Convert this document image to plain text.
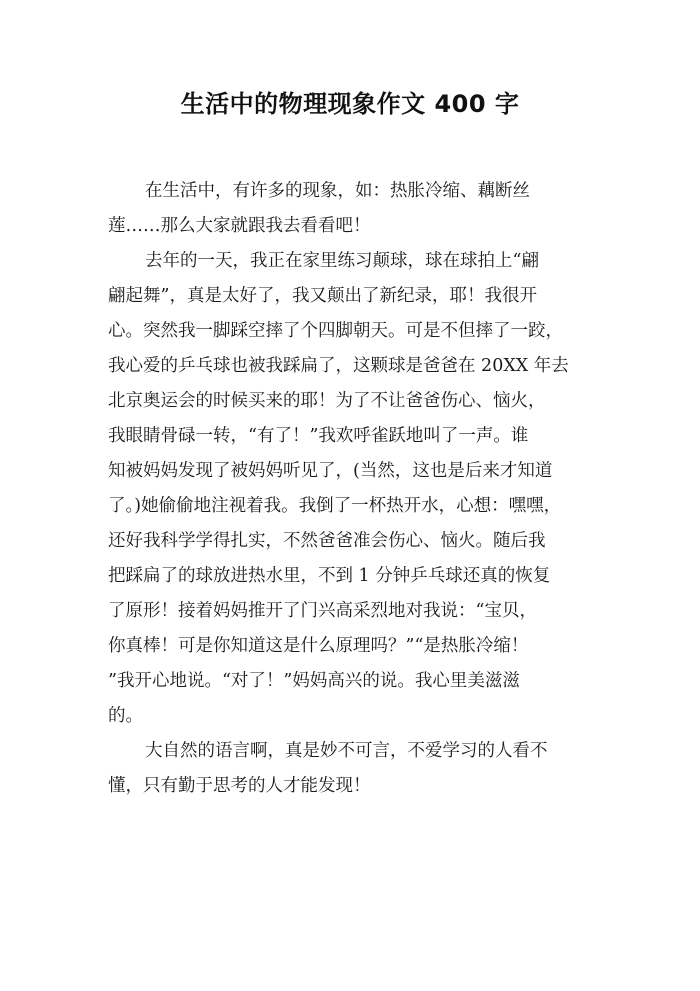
生活中的物理现象作文 400 字
在生活中，有许多的现象，如：热胀冷缩、藕断丝
莲……那么大家就跟我去看看吧！
去年的一天，我正在家里练习颠球，球在球拍上“翩
翩起舞”，真是太好了，我又颠出了新纪录，耶！我很开
心。突然我一脚踩空摔了个四脚朝天。可是不但摔了一跤，
我心爱的乒乓球也被我踩扁了，这颗球是爸爸在 20XX 年去
北京奥运会的时候买来的耶！为了不让爸爸伤心、恼火，
我眼睛骨碌一转，“有了！”我欢呼雀跃地叫了一声。谁
知被妈妈发现了被妈妈听见了，(当然，这也是后来才知道
了。)她偷偷地注视着我。我倒了一杯热开水，心想：嘿嘿，
还好我科学学得扎实，不然爸爸准会伤心、恼火。随后我
把踩扁了的球放进热水里，不到 1 分钟乒乓球还真的恢复
了原形！接着妈妈推开了门兴高采烈地对我说：“宝贝，
你真棒！可是你知道这是什么原理吗？”“是热胀冷缩！
”我开心地说。“对了！”妈妈高兴的说。我心里美滋滋
的。
大自然的语言啊，真是妙不可言，不爱学习的人看不
懂，只有勤于思考的人才能发现！
